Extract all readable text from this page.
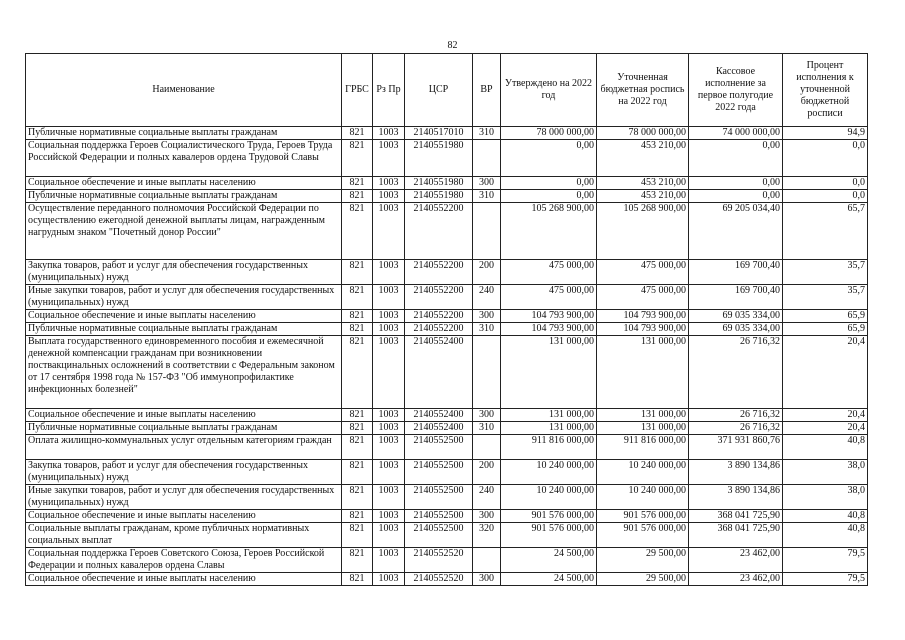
82
Наименование	ГРБС	Рз Пр	ЦСР	ВР	Утверждено на 2022 год	Уточненная бюджетная роспись на 2022 год	Кассовое исполнение за первое полугодие 2022 года	Процент исполнения к уточненной бюджетной росписи
Публичные нормативные социальные выплаты гражданам	821	1003	2140517010	310	78 000 000,00	78 000 000,00	74 000 000,00	94,9
Социальная поддержка Героев Социалистического Труда, Героев Труда Российской Федерации и полных кавалеров ордена Трудовой Славы	821	1003	2140551980		0,00	453 210,00	0,00	0,0
Социальное обеспечение и иные выплаты населению	821	1003	2140551980	300	0,00	453 210,00	0,00	0,0
Публичные нормативные социальные выплаты гражданам	821	1003	2140551980	310	0,00	453 210,00	0,00	0,0
Осуществление переданного полномочия Российской Федерации по осуществлению ежегодной денежной выплаты лицам, награжденным нагрудным знаком "Почетный донор России"	821	1003	2140552200		105 268 900,00	105 268 900,00	69 205 034,40	65,7
Закупка товаров, работ и услуг для обеспечения государственных (муниципальных) нужд	821	1003	2140552200	200	475 000,00	475 000,00	169 700,40	35,7
Иные закупки товаров, работ и услуг для обеспечения государственных (муниципальных) нужд	821	1003	2140552200	240	475 000,00	475 000,00	169 700,40	35,7
Социальное обеспечение и иные выплаты населению	821	1003	2140552200	300	104 793 900,00	104 793 900,00	69 035 334,00	65,9
Публичные нормативные социальные выплаты гражданам	821	1003	2140552200	310	104 793 900,00	104 793 900,00	69 035 334,00	65,9
Выплата государственного единовременного пособия и ежемесячной денежной компенсации гражданам при возникновении поствакцинальных осложнений в соответствии с Федеральным законом от 17 сентября 1998 года № 157-ФЗ "Об иммунопрофилактике инфекционных болезней"	821	1003	2140552400		131 000,00	131 000,00	26 716,32	20,4
Социальное обеспечение и иные выплаты населению	821	1003	2140552400	300	131 000,00	131 000,00	26 716,32	20,4
Публичные нормативные социальные выплаты гражданам	821	1003	2140552400	310	131 000,00	131 000,00	26 716,32	20,4
Оплата жилищно-коммунальных услуг отдельным категориям граждан	821	1003	2140552500		911 816 000,00	911 816 000,00	371 931 860,76	40,8
Закупка товаров, работ и услуг для обеспечения государственных (муниципальных) нужд	821	1003	2140552500	200	10 240 000,00	10 240 000,00	3 890 134,86	38,0
Иные закупки товаров, работ и услуг для обеспечения государственных (муниципальных) нужд	821	1003	2140552500	240	10 240 000,00	10 240 000,00	3 890 134,86	38,0
Социальное обеспечение и иные выплаты населению	821	1003	2140552500	300	901 576 000,00	901 576 000,00	368 041 725,90	40,8
Социальные выплаты гражданам, кроме публичных нормативных социальных выплат	821	1003	2140552500	320	901 576 000,00	901 576 000,00	368 041 725,90	40,8
Социальная поддержка Героев Советского Союза, Героев Российской Федерации и полных кавалеров ордена Славы	821	1003	2140552520		24 500,00	29 500,00	23 462,00	79,5
Социальное обеспечение и иные выплаты населению	821	1003	2140552520	300	24 500,00	29 500,00	23 462,00	79,5
